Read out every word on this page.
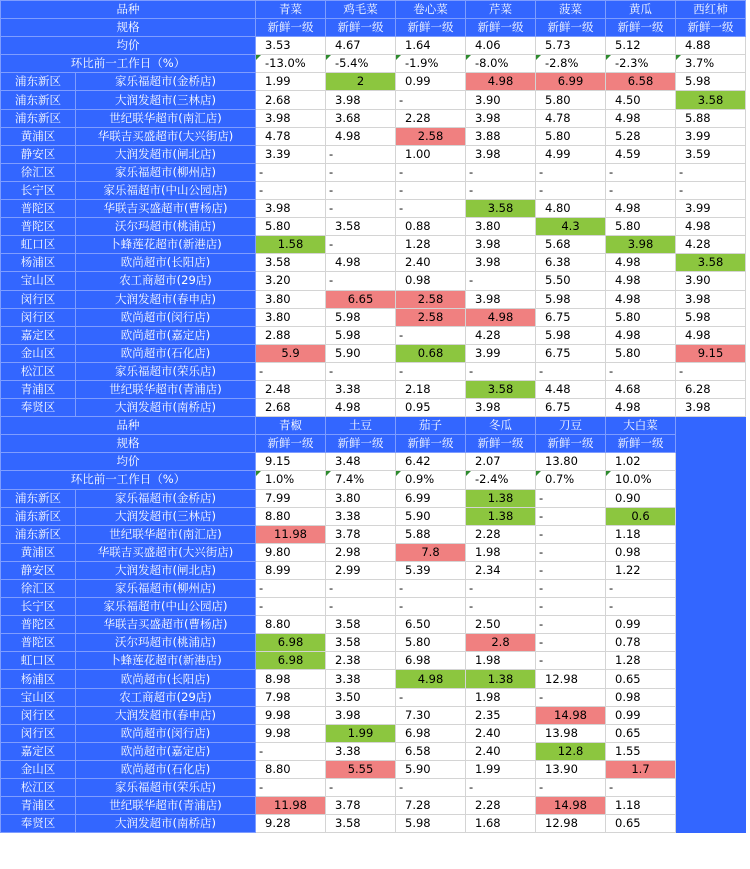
品种		青菜	鸡毛菜	卷心菜	芹菜	菠菜	黄瓜	西红柿
规格		新鲜一级	新鲜一级	新鲜一级	新鲜一级	新鲜一级	新鲜一级	新鲜一级
均价		3.53	4.67	1.64	4.06	5.73	5.12	4.88
环比前一工作日（%）		-13.0%	-5.4%	-1.9%	-8.0%	-2.8%	-2.3%	3.7%
浦东新区	家乐福超市(金桥店)	1.99	2	0.99	4.98	6.99	6.58	5.98
浦东新区	大润发超市(三林店)	2.68	3.98	-	3.90	5.80	4.50	3.58
浦东新区	世纪联华超市(南汇店)	3.98	3.68	2.28	3.98	4.78	4.98	5.88
黄浦区	华联吉买盛超市(大兴街店)	4.78	4.98	2.58	3.88	5.80	5.28	3.99
静安区	大润发超市(闸北店)	3.39	-	1.00	3.98	4.99	4.59	3.59
徐汇区	家乐福超市(柳州店)	-	-	-	-	-	-	-
长宁区	家乐福超市(中山公园店)	-	-	-	-	-	-	-
普陀区	华联吉买盛超市(曹杨店)	3.98	-	-	3.58	4.80	4.98	3.99
普陀区	沃尔玛超市(桃浦店)	5.80	3.58	0.88	3.80	4.3	5.80	4.98
虹口区	卜蜂莲花超市(新港店)	1.58	-	1.28	3.98	5.68	3.98	4.28
杨浦区	欧尚超市(长阳店)	3.58	4.98	2.40	3.98	6.38	4.98	3.58
宝山区	农工商超市(29店)	3.20	-	0.98	-	5.50	4.98	3.90
闵行区	大润发超市(春申店)	3.80	6.65	2.58	3.98	5.98	4.98	3.98
闵行区	欧尚超市(闵行店)	3.80	5.98	2.58	4.98	6.75	5.80	5.98
嘉定区	欧尚超市(嘉定店)	2.88	5.98	-	4.28	5.98	4.98	4.98
金山区	欧尚超市(石化店)	5.9	5.90	0.68	3.99	6.75	5.80	9.15
松江区	家乐福超市(荣乐店)	-	-	-	-	-	-	-
青浦区	世纪联华超市(青浦店)	2.48	3.38	2.18	3.58	4.48	4.68	6.28
奉贤区	大润发超市(南桥店)	2.68	4.98	0.95	3.98	6.75	4.98	3.98
品种		青椒	土豆	茄子	冬瓜	刀豆	大白菜	
规格		新鲜一级	新鲜一级	新鲜一级	新鲜一级	新鲜一级	新鲜一级	
均价		9.15	3.48	6.42	2.07	13.80	1.02	
环比前一工作日（%）		1.0%	7.4%	0.9%	-2.4%	0.7%	10.0%	
浦东新区	家乐福超市(金桥店)	7.99	3.80	6.99	1.38	-	0.90	
浦东新区	大润发超市(三林店)	8.80	3.38	5.90	1.38	-	0.6	
浦东新区	世纪联华超市(南汇店)	11.98	3.78	5.88	2.28	-	1.18	
黄浦区	华联吉买盛超市(大兴街店)	9.80	2.98	7.8	1.98	-	0.98	
静安区	大润发超市(闸北店)	8.99	2.99	5.39	2.34	-	1.22	
徐汇区	家乐福超市(柳州店)	-	-	-	-	-	-	
长宁区	家乐福超市(中山公园店)	-	-	-	-	-	-	
普陀区	华联吉买盛超市(曹杨店)	8.80	3.58	6.50	2.50	-	0.99	
普陀区	沃尔玛超市(桃浦店)	6.98	3.58	5.80	2.8	-	0.78	
虹口区	卜蜂莲花超市(新港店)	6.98	2.38	6.98	1.98	-	1.28	
杨浦区	欧尚超市(长阳店)	8.98	3.38	4.98	1.38	12.98	0.65	
宝山区	农工商超市(29店)	7.98	3.50	-	1.98	-	0.98	
闵行区	大润发超市(春申店)	9.98	3.98	7.30	2.35	14.98	0.99	
闵行区	欧尚超市(闵行店)	9.98	1.99	6.98	2.40	13.98	0.65	
嘉定区	欧尚超市(嘉定店)	-	3.38	6.58	2.40	12.8	1.55	
金山区	欧尚超市(石化店)	8.80	5.55	5.90	1.99	13.90	1.7	
松江区	家乐福超市(荣乐店)	-	-	-	-	-	-	
青浦区	世纪联华超市(青浦店)	11.98	3.78	7.28	2.28	14.98	1.18	
奉贤区	大润发超市(南桥店)	9.28	3.58	5.98	1.68	12.98	0.65	
